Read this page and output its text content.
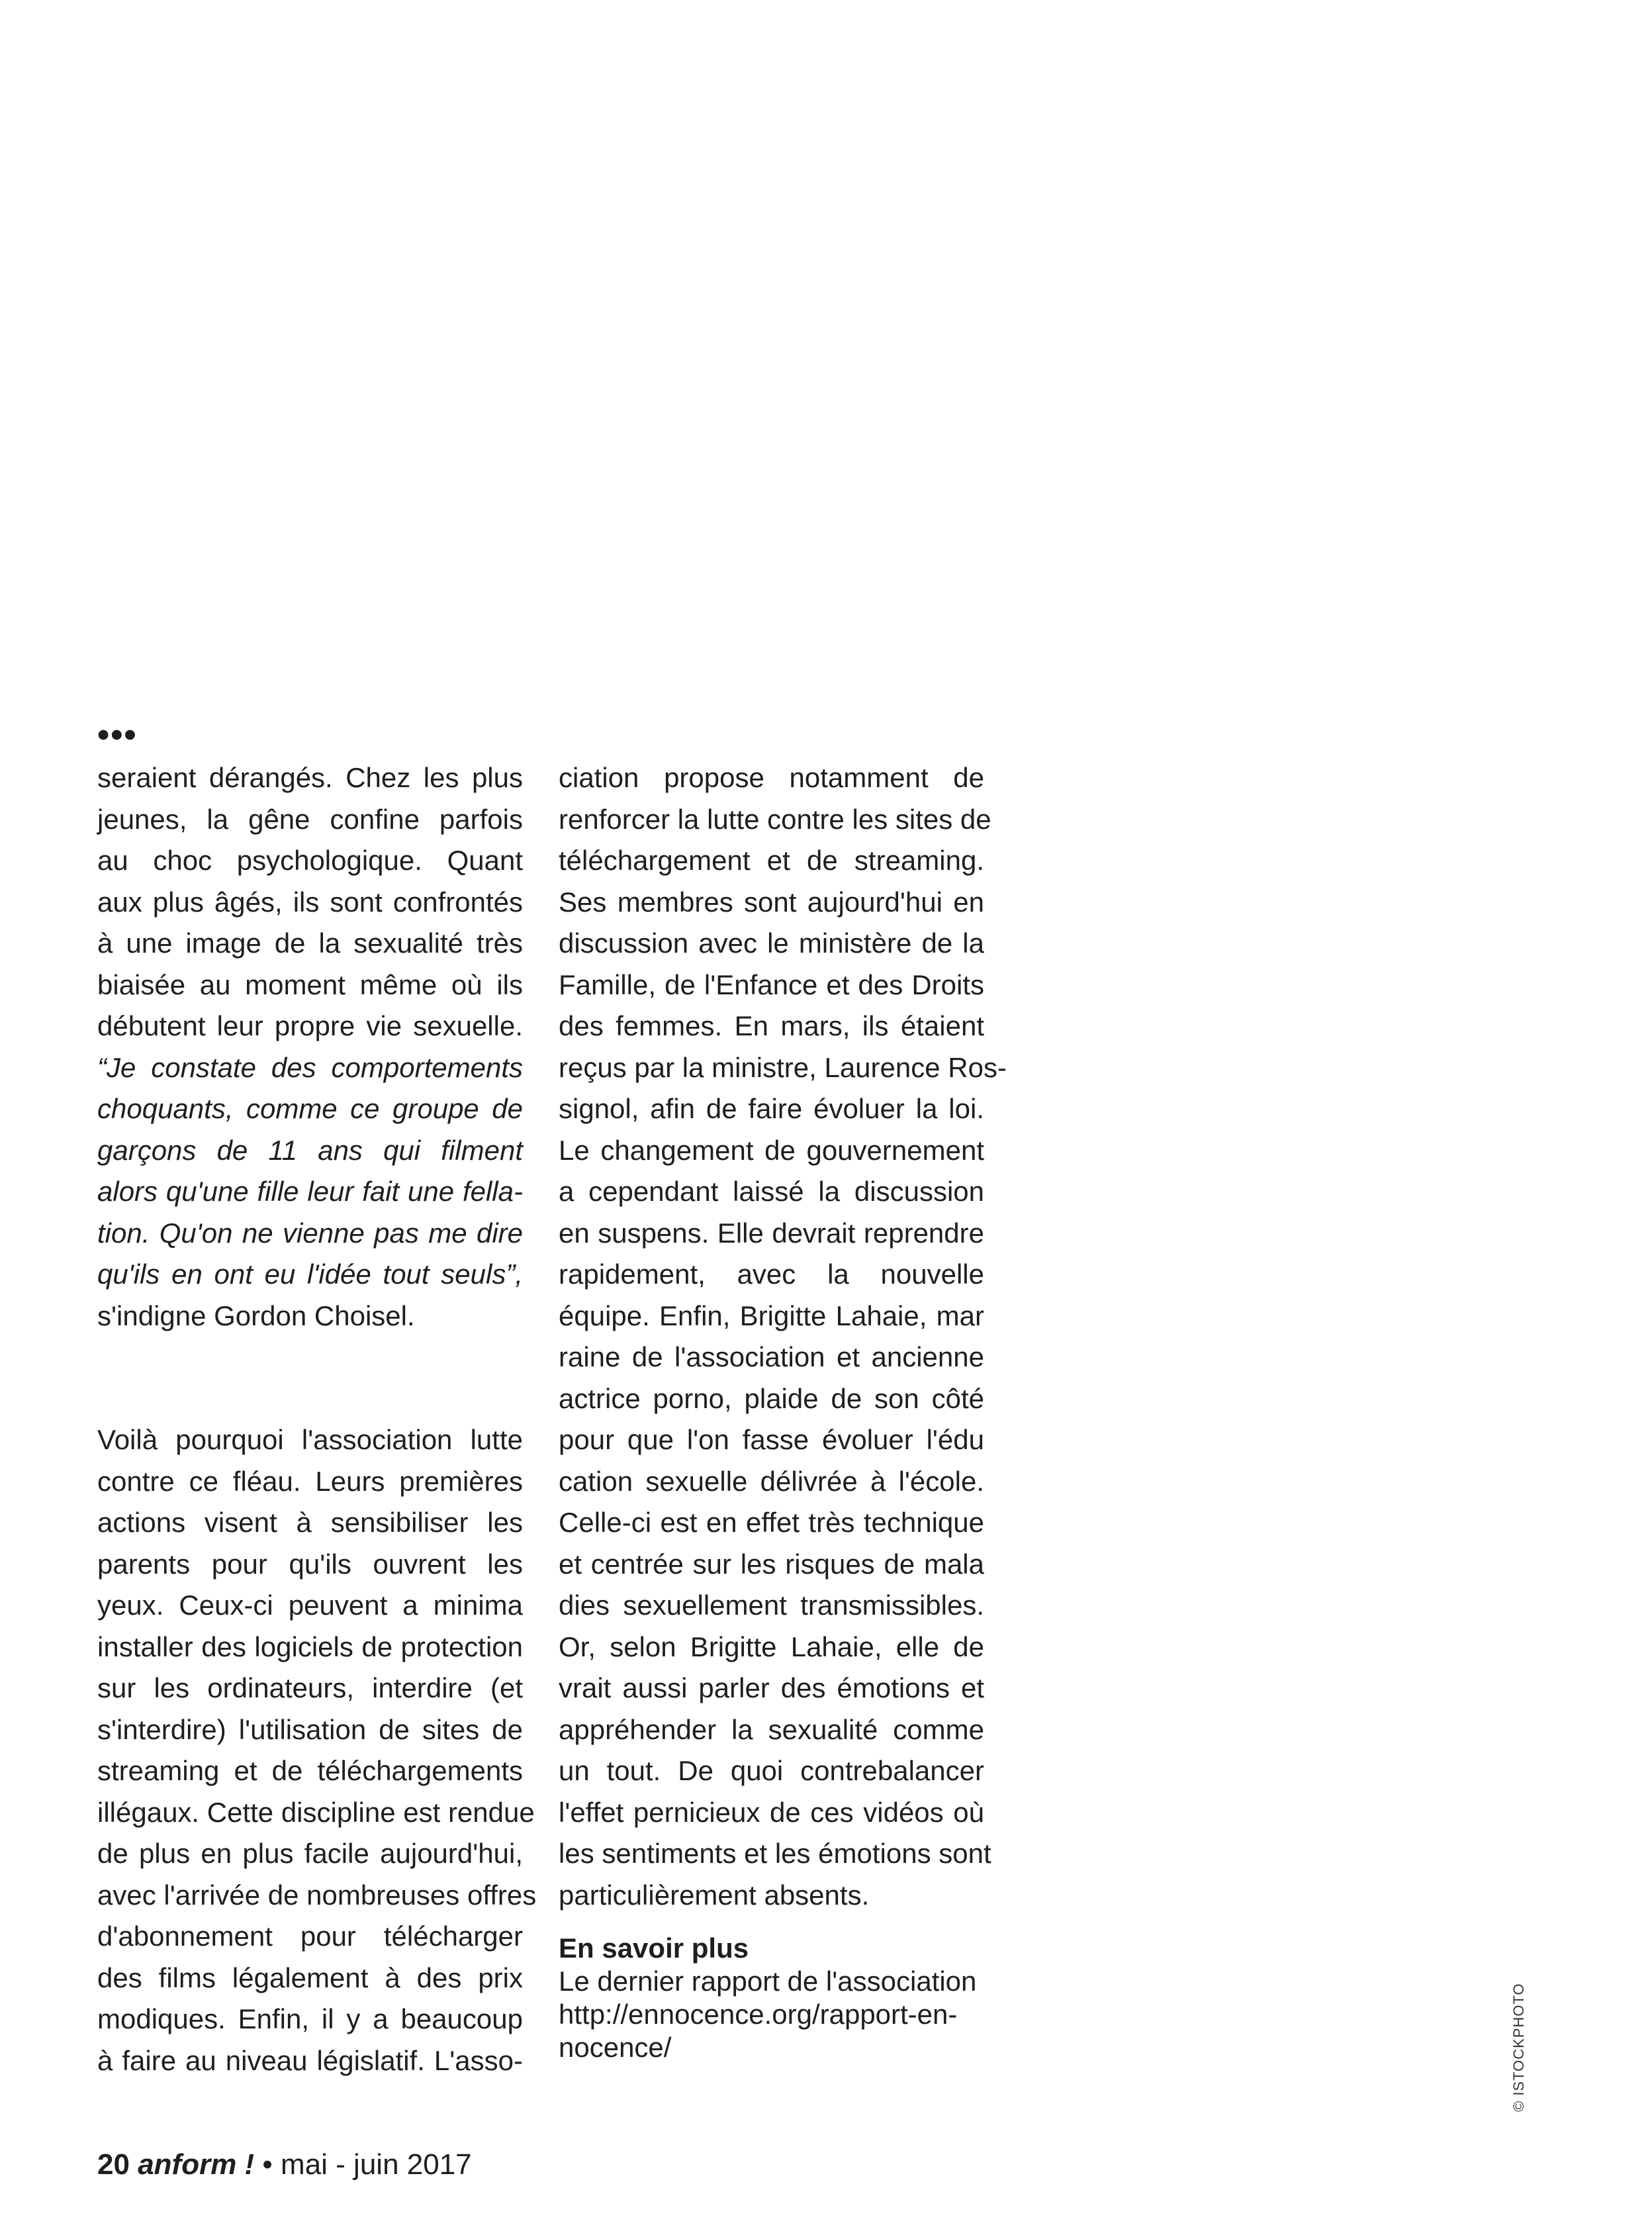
•••
seraient dérangés. Chez les plus
jeunes, la gêne confine parfois
au choc psychologique. Quant
aux plus âgés, ils sont confrontés
à une image de la sexualité très
biaisée au moment même où ils
débutent leur propre vie sexuelle.
“Je constate des comportements
choquants, comme ce groupe de
garçons de 11 ans qui filment
alors qu'une fille leur fait une fella-
tion. Qu'on ne vienne pas me dire
qu'ils en ont eu l'idée tout seuls”,
s'indigne Gordon Choisel.
Voilà pourquoi l'association lutte
contre ce fléau. Leurs premières
actions visent à sensibiliser les
parents pour qu'ils ouvrent les
yeux. Ceux-ci peuvent a minima
installer des logiciels de protection
sur les ordinateurs, interdire (et
s'interdire) l'utilisation de sites de
streaming et de téléchargements
illégaux. Cette discipline est rendue
de plus en plus facile aujourd'hui,
avec l'arrivée de nombreuses offres
d'abonnement pour télécharger
des films légalement à des prix
modiques. Enfin, il y a beaucoup
à faire au niveau législatif. L'asso-
ciation propose notamment de
renforcer la lutte contre les sites de
téléchargement et de streaming.
Ses membres sont aujourd'hui en
discussion avec le ministère de la
Famille, de l'Enfance et des Droits
des femmes. En mars, ils étaient
reçus par la ministre, Laurence Ros-
signol, afin de faire évoluer la loi.
Le changement de gouvernement
a cependant laissé la discussion
en suspens. Elle devrait reprendre
rapidement, avec la nouvelle
équipe. Enfin, Brigitte Lahaie, mar
raine de l'association et ancienne
actrice porno, plaide de son côté
pour que l'on fasse évoluer l'édu
cation sexuelle délivrée à l'école.
Celle-ci est en effet très technique
et centrée sur les risques de mala
dies sexuellement transmissibles.
Or, selon Brigitte Lahaie, elle de
vrait aussi parler des émotions et
appréhender la sexualité comme
un tout. De quoi contrebalancer
l'effet pernicieux de ces vidéos où
les sentiments et les émotions sont
particulièrement absents.
En savoir plus
Le dernier rapport de l'association
http://ennocence.org/rapport-en-
nocence/	© ISTOCKPHOTO
20 anform ! • mai - juin 2017
